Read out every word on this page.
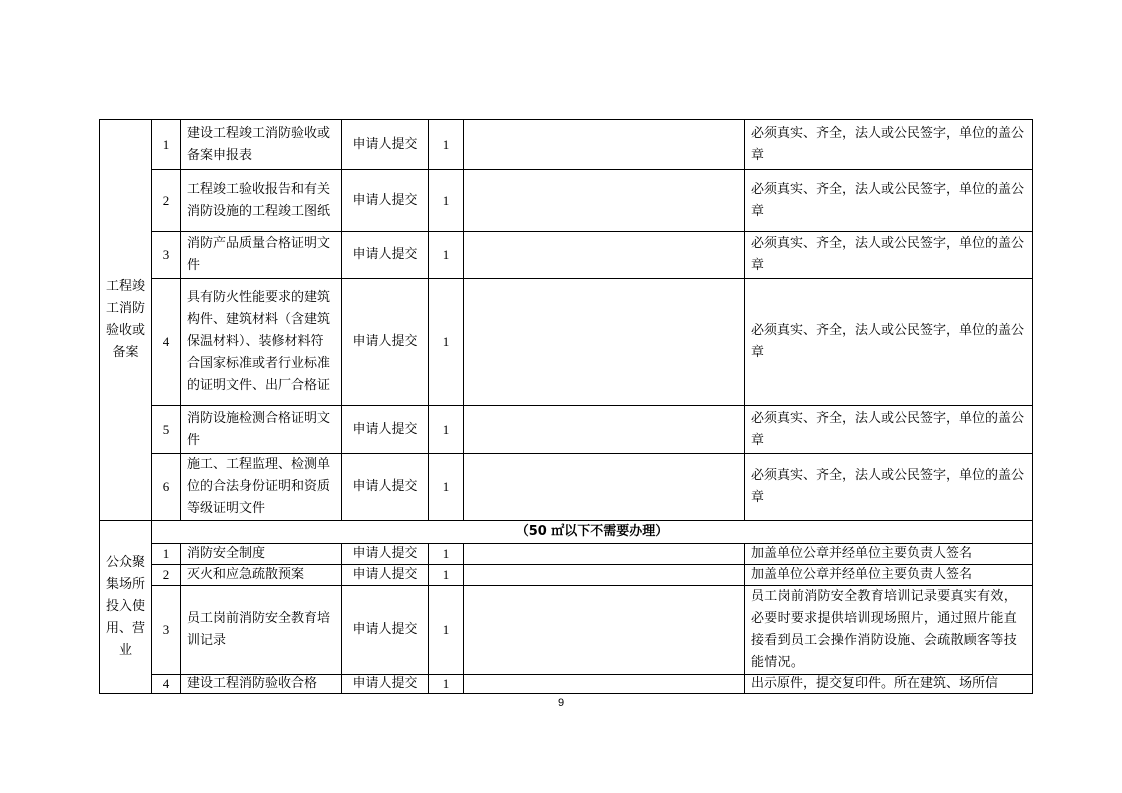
工程竣工消防验收或备案	1	建设工程竣工消防验收或备案申报表	申请人提交	1		必须真实、齐全，法人或公民签字，单位的盖公章
	2	工程竣工验收报告和有关消防设施的工程竣工图纸	申请人提交	1		必须真实、齐全，法人或公民签字，单位的盖公章
	3	消防产品质量合格证明文件	申请人提交	1		必须真实、齐全，法人或公民签字，单位的盖公章
	4	具有防火性能要求的建筑构件、建筑材料（含建筑保温材料）、装修材料符合国家标准或者行业标准的证明文件、出厂合格证	申请人提交	1		必须真实、齐全，法人或公民签字，单位的盖公章
	5	消防设施检测合格证明文件	申请人提交	1		必须真实、齐全，法人或公民签字，单位的盖公章
	6	施工、工程监理、检测单位的合法身份证明和资质等级证明文件	申请人提交	1		必须真实、齐全，法人或公民签字，单位的盖公章
公众聚集场所投入使用、营业	（50 ㎡以下不需要办理）					
	1	消防安全制度	申请人提交	1		加盖单位公章并经单位主要负责人签名
	2	灭火和应急疏散预案	申请人提交	1		加盖单位公章并经单位主要负责人签名
	3	员工岗前消防安全教育培训记录	申请人提交	1		员工岗前消防安全教育培训记录要真实有效，必要时要求提供培训现场照片，通过照片能直接看到员工会操作消防设施、会疏散顾客等技能情况。
	4	建设工程消防验收合格	申请人提交	1		出示原件，提交复印件。所在建筑、场所信
9
